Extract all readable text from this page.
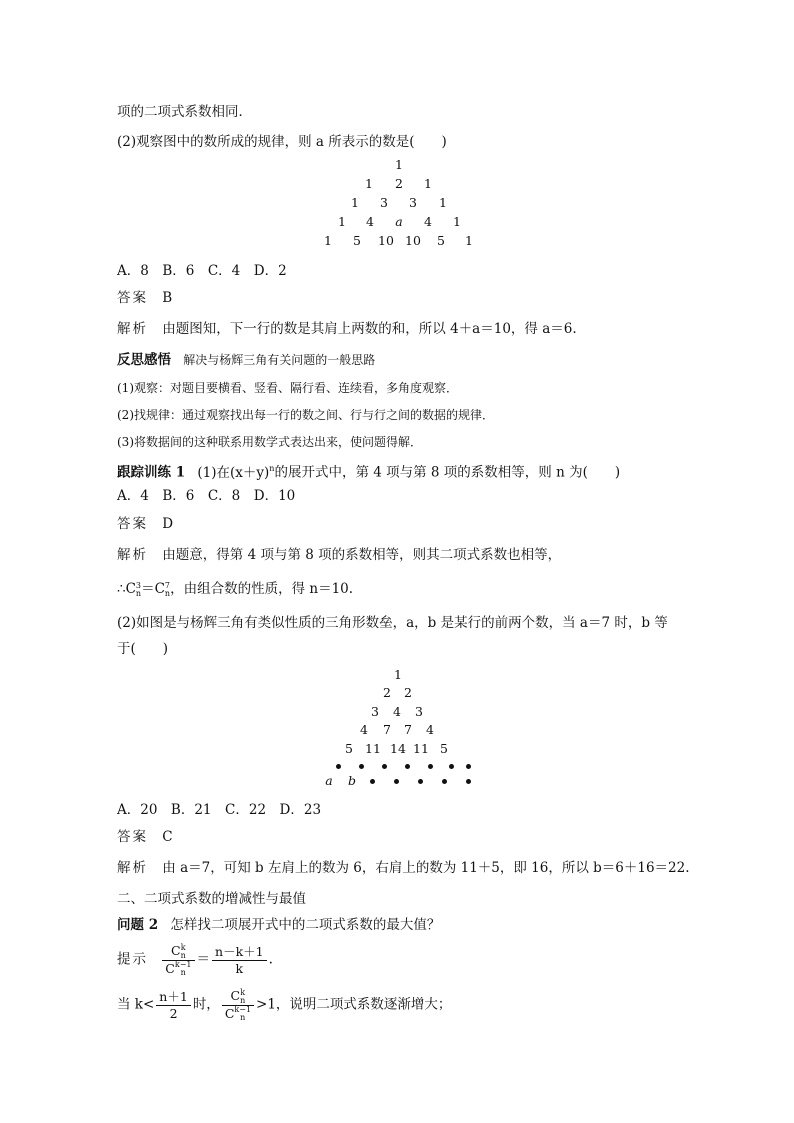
项的二项式系数相同．
(2)观察图中的数所成的规律，则 a 所表示的数是(　　)
1
1	2	1
1	3	3	1
1	4	a	4	1
1	5	10 10	5	1
A．8　B．6　C．4　D．2
答案 B
解析 由题图知，下一行的数是其肩上两数的和，所以 4＋a＝10，得 a＝6.
反思感悟 解决与杨辉三角有关问题的一般思路
(1)观察：对题目要横看、竖看、隔行看、连续看，多角度观察．
(2)找规律：通过观察找出每一行的数之间、行与行之间的数据的规律．
(3)将数据间的这种联系用数学式表达出来，使问题得解．
跟踪训练 1 (1)在$(x+y)^n$的展开式中，第 4 项与第 8 项的系数相等，则 n 为(　　)
A．4　B．6　C．8　D．10
答案 D
解析 由题意，得第 4 项与第 8 项的系数相等，则其二项式系数也相等，
∴C 3
n ＝C 7
n ，由组合数的性质，得 n＝10.
(2)如图是与杨辉三角有类似性质的三角形数垒，a，b 是某行的前两个数，当 a＝7 时，b 等
于(　　)
1
2	2
3	4	3
4	7	7	4
5 11 14 11 5
a	b
A．20　B．21　C．22　D．23
答案 C
解析 由 a＝7，可知 b 左肩上的数为 6，右肩上的数为 11＋5，即 16，所以 b＝6＋16＝22.
二、二项式系数的增减性与最值
问题 2 怎样找二项展开式中的二项式系数的最大值？
提示 C k
n
C k−1
$n = \frac{n-k+1}{k}$ .
当 $k< \frac{n+1}{2}$ 时， C k
n
C k−1
n >1，说明二项式系数逐渐增大；
